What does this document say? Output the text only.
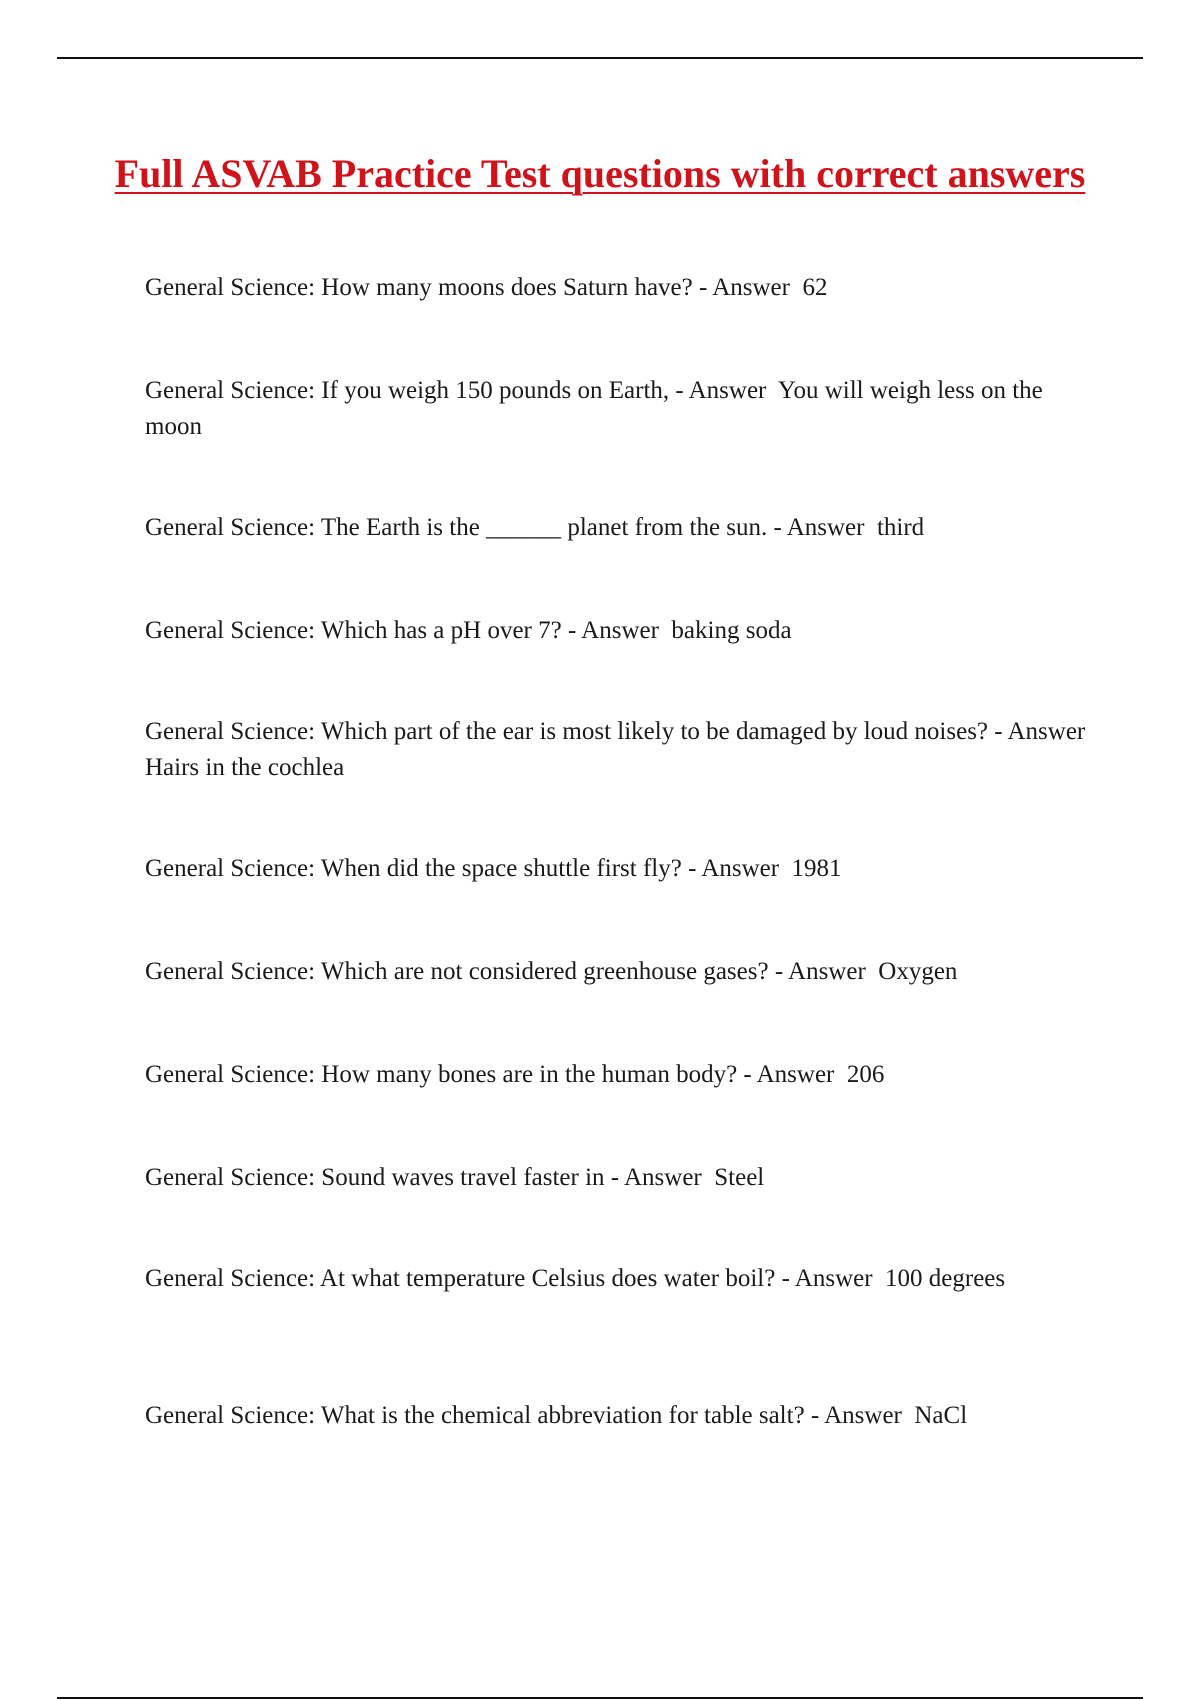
Full ASVAB Practice Test questions with correct answers

General Science: How many moons does Saturn have? - Answer  62

General Science: If you weigh 150 pounds on Earth, - Answer  You will weigh less on the moon

General Science: The Earth is the ______ planet from the sun. - Answer  third

General Science: Which has a pH over 7? - Answer  baking soda

General Science: Which part of the ear is most likely to be damaged by loud noises? - Answer  Hairs in the cochlea

General Science: When did the space shuttle first fly? - Answer  1981

General Science: Which are not considered greenhouse gases? - Answer  Oxygen

General Science: How many bones are in the human body? - Answer  206

General Science: Sound waves travel faster in - Answer  Steel

General Science: At what temperature Celsius does water boil? - Answer  100 degrees

General Science: What is the chemical abbreviation for table salt? - Answer  NaCl
